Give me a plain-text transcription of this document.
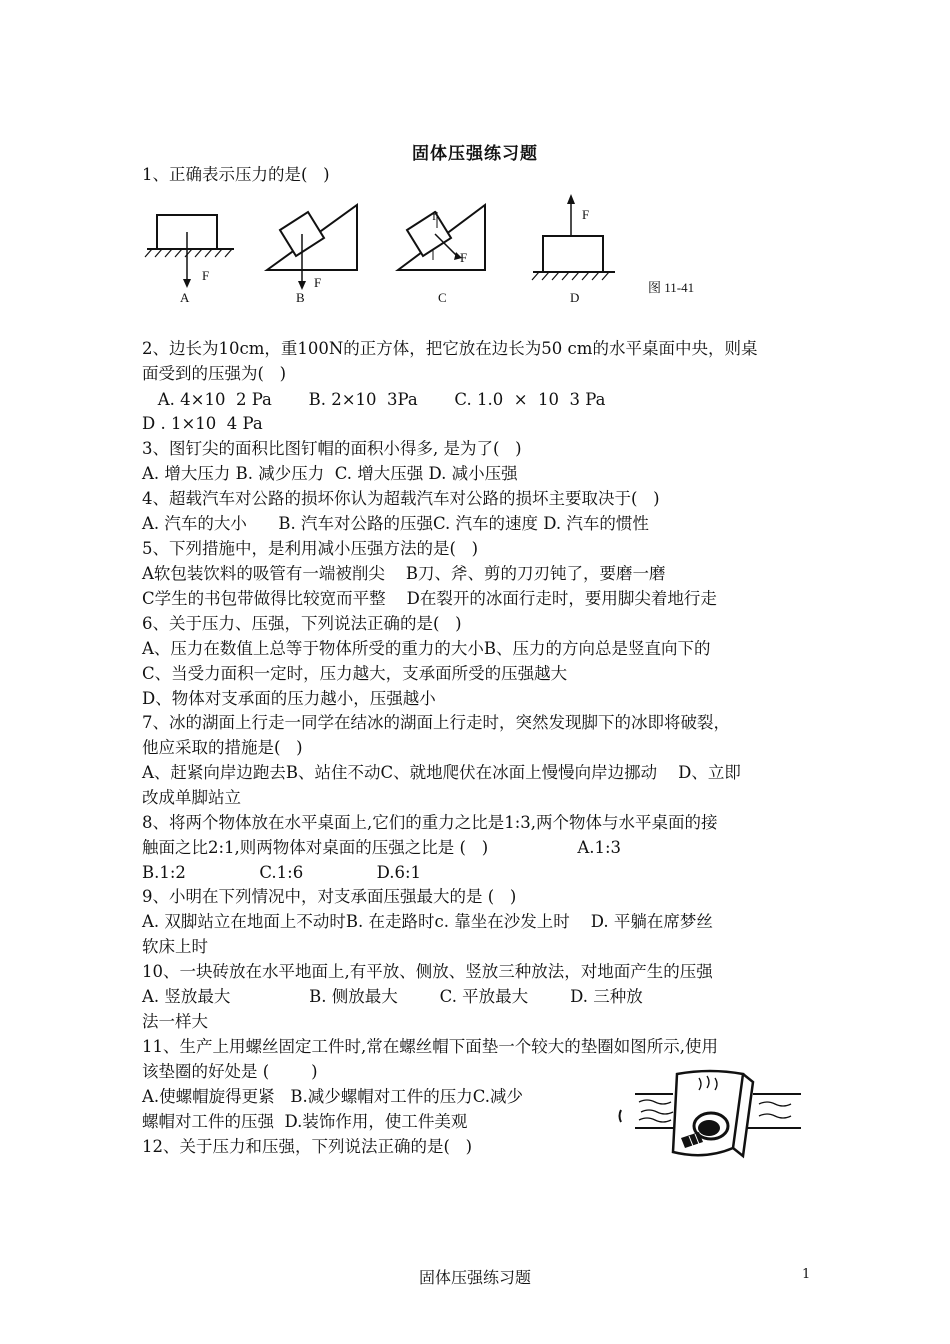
固体压强练习题
1、正确表示压力的是(   )
F
A
F
B
f
F
C
F
D
图 11-41
2、边长为10cm，重100N的正方体，把它放在边长为50 cm的水平桌面中央，则桌
面受到的压强为(   )
A. 4×10  2 Pa       B. 2×10  3Pa       C. 1.0  ×  10  3 Pa
D . 1×10  4 Pa
3、图钉尖的面积比图钉帽的面积小得多, 是为了(   )
A. 增大压力 B. 减少压力  C. 增大压强 D. 减小压强
4、超载汽车对公路的损坏你认为超载汽车对公路的损坏主要取决于(   )
A. 汽车的大小      B. 汽车对公路的压强C. 汽车的速度 D. 汽车的惯性
5、下列措施中，是利用减小压强方法的是(   )
A软包装饮料的吸管有一端被削尖    B刀、斧、剪的刀刃钝了，要磨一磨
C学生的书包带做得比较宽而平整    D在裂开的冰面行走时，要用脚尖着地行走
6、关于压力、压强，下列说法正确的是(   )
A、压力在数值上总等于物体所受的重力的大小B、压力的方向总是竖直向下的
C、当受力面积一定时，压力越大，支承面所受的压强越大
D、物体对支承面的压力越小，压强越小
7、冰的湖面上行走一同学在结冰的湖面上行走时，突然发现脚下的冰即将破裂，
他应采取的措施是(   )
A、赶紧向岸边跑去B、站住不动C、就地爬伏在冰面上慢慢向岸边挪动    D、立即
改成单脚站立
8、将两个物体放在水平桌面上,它们的重力之比是1:3,两个物体与水平桌面的接
触面之比2:1,则两物体对桌面的压强之比是 (   )                 A.1:3
B.1:2              C.1:6              D.6:1
9、小明在下列情况中，对支承面压强最大的是 (   )
A. 双脚站立在地面上不动时B. 在走路时c. 靠坐在沙发上时    D. 平躺在席梦丝
软床上时
10、一块砖放在水平地面上,有平放、侧放、竖放三种放法，对地面产生的压强
A. 竖放最大               B. 侧放最大        C. 平放最大        D. 三种放
法一样大
11、生产上用螺丝固定工件时,常在螺丝帽下面垫一个较大的垫圈如图所示,使用
该垫圈的好处是 (        )
A.使螺帽旋得更紧   B.减少螺帽对工件的压力C.减少
螺帽对工件的压强  D.装饰作用，使工件美观
12、关于压力和压强，下列说法正确的是(   )
固体压强练习题	1
